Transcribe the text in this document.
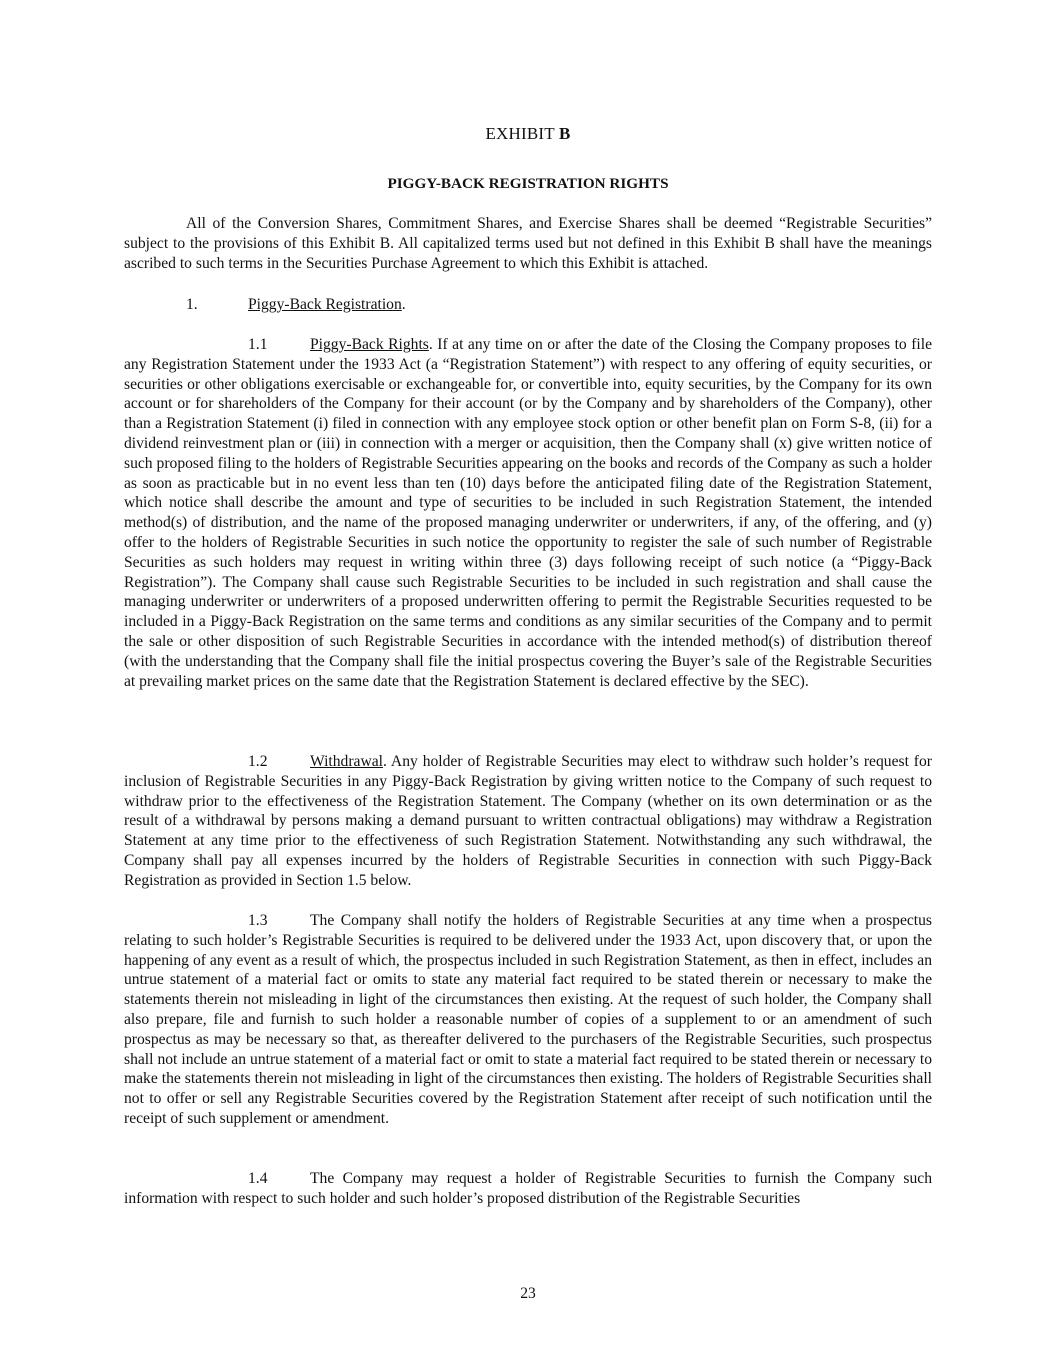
EXHIBIT B
PIGGY-BACK REGISTRATION RIGHTS

All of the Conversion Shares, Commitment Shares, and Exercise Shares shall be deemed “Registrable Securities” subject to the provisions of this Exhibit B. All capitalized terms used but not defined in this Exhibit B shall have the meanings ascribed to such terms in the Securities Purchase Agreement to which this Exhibit is attached.

1.	Piggy-Back Registration.

1.1	Piggy-Back Rights. If at any time on or after the date of the Closing the Company proposes to file any Registration Statement under the 1933 Act (a “Registration Statement”) with respect to any offering of equity securities, or securities or other obligations exercisable or exchangeable for, or convertible into, equity securities, by the Company for its own account or for shareholders of the Company for their account (or by the Company and by shareholders of the Company), other than a Registration Statement (i) filed in connection with any employee stock option or other benefit plan on Form S-8, (ii) for a dividend reinvestment plan or (iii) in connection with a merger or acquisition, then the Company shall (x) give written notice of such proposed filing to the holders of Registrable Securities appearing on the books and records of the Company as such a holder as soon as practicable but in no event less than ten (10) days before the anticipated filing date of the Registration Statement, which notice shall describe the amount and type of securities to be included in such Registration Statement, the intended method(s) of distribution, and the name of the proposed managing underwriter or underwriters, if any, of the offering, and (y) offer to the holders of Registrable Securities in such notice the opportunity to register the sale of such number of Registrable Securities as such holders may request in writing within three (3) days following receipt of such notice (a “Piggy-Back Registration”). The Company shall cause such Registrable Securities to be included in such registration and shall cause the managing underwriter or underwriters of a proposed underwritten offering to permit the Registrable Securities requested to be included in a Piggy-Back Registration on the same terms and conditions as any similar securities of the Company and to permit the sale or other disposition of such Registrable Securities in accordance with the intended method(s) of distribution thereof (with the understanding that the Company shall file the initial prospectus covering the Buyer’s sale of the Registrable Securities at prevailing market prices on the same date that the Registration Statement is declared effective by the SEC).

1.2	Withdrawal. Any holder of Registrable Securities may elect to withdraw such holder’s request for inclusion of Registrable Securities in any Piggy-Back Registration by giving written notice to the Company of such request to withdraw prior to the effectiveness of the Registration Statement. The Company (whether on its own determination or as the result of a withdrawal by persons making a demand pursuant to written contractual obligations) may withdraw a Registration Statement at any time prior to the effectiveness of such Registration Statement. Notwithstanding any such withdrawal, the Company shall pay all expenses incurred by the holders of Registrable Securities in connection with such Piggy-Back Registration as provided in Section 1.5 below.

1.3	The Company shall notify the holders of Registrable Securities at any time when a prospectus relating to such holder’s Registrable Securities is required to be delivered under the 1933 Act, upon discovery that, or upon the happening of any event as a result of which, the prospectus included in such Registration Statement, as then in effect, includes an untrue statement of a material fact or omits to state any material fact required to be stated therein or necessary to make the statements therein not misleading in light of the circumstances then existing. At the request of such holder, the Company shall also prepare, file and furnish to such holder a reasonable number of copies of a supplement to or an amendment of such prospectus as may be necessary so that, as thereafter delivered to the purchasers of the Registrable Securities, such prospectus shall not include an untrue statement of a material fact or omit to state a material fact required to be stated therein or necessary to make the statements therein not misleading in light of the circumstances then existing. The holders of Registrable Securities shall not to offer or sell any Registrable Securities covered by the Registration Statement after receipt of such notification until the receipt of such supplement or amendment.

1.4	The Company may request a holder of Registrable Securities to furnish the Company such information with respect to such holder and such holder’s proposed distribution of the Registrable Securities

23
